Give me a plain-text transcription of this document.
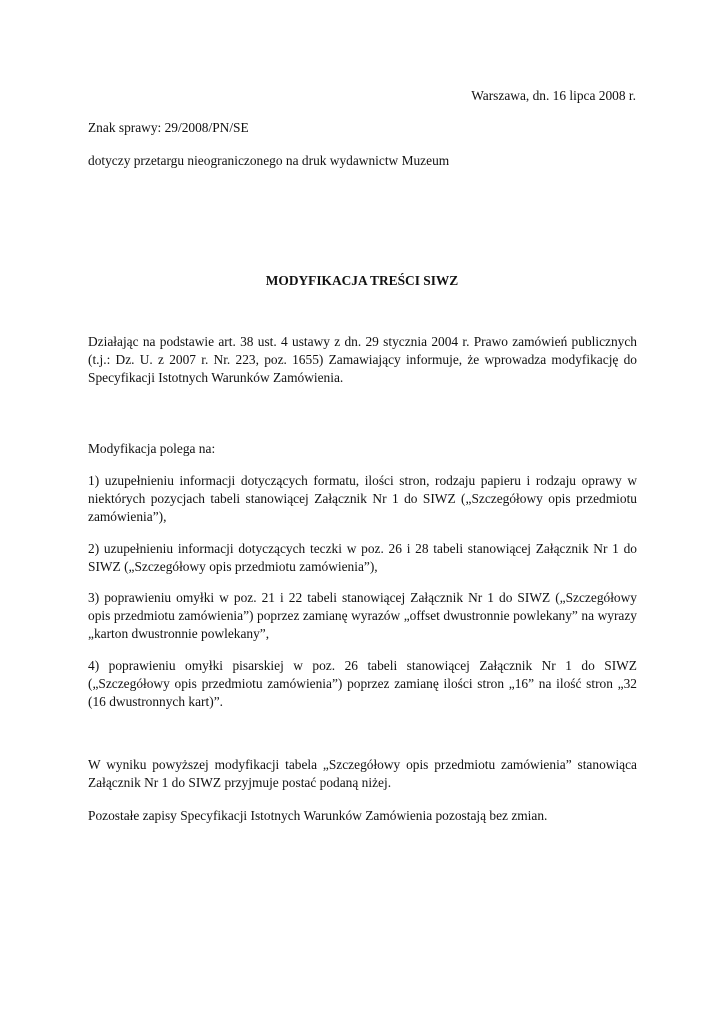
Warszawa, dn. 16 lipca 2008 r.
Znak sprawy: 29/2008/PN/SE
dotyczy przetargu nieograniczonego na druk wydawnictw Muzeum
MODYFIKACJA TREŚCI SIWZ
Działając na podstawie art. 38 ust. 4 ustawy z dn. 29 stycznia 2004 r. Prawo zamówień publicznych (t.j.: Dz. U. z 2007 r. Nr. 223, poz. 1655) Zamawiający informuje, że wprowadza modyfikację do Specyfikacji Istotnych Warunków Zamówienia.
Modyfikacja polega na:
1) uzupełnieniu informacji dotyczących formatu, ilości stron, rodzaju papieru i rodzaju oprawy w niektórych pozycjach tabeli stanowiącej Załącznik Nr 1 do SIWZ („Szczegółowy opis przedmiotu zamówienia”),
2) uzupełnieniu informacji dotyczących teczki w poz. 26 i 28 tabeli stanowiącej Załącznik Nr 1 do SIWZ („Szczegółowy opis przedmiotu zamówienia”),
3) poprawieniu omyłki w poz. 21 i 22 tabeli stanowiącej Załącznik Nr 1 do SIWZ („Szczegółowy opis przedmiotu zamówienia”) poprzez zamianę wyrazów „offset dwustronnie powlekany” na wyrazy „karton dwustronnie powlekany”,
4) poprawieniu omyłki pisarskiej w poz. 26 tabeli stanowiącej Załącznik Nr 1 do SIWZ („Szczegółowy opis przedmiotu zamówienia”) poprzez zamianę ilości stron „16” na ilość stron „32 (16 dwustronnych kart)”.
W wyniku powyższej modyfikacji tabela „Szczegółowy opis przedmiotu zamówienia” stanowiąca Załącznik Nr 1 do SIWZ przyjmuje postać podaną niżej.
Pozostałe zapisy Specyfikacji Istotnych Warunków Zamówienia pozostają bez zmian.
